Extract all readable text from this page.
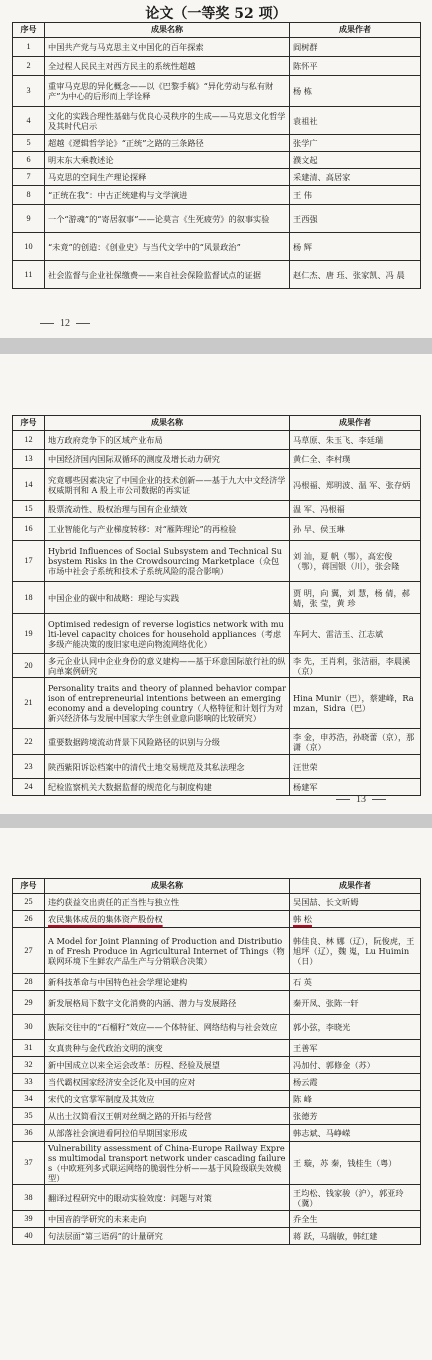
论文（一等奖 52 项）
序号	成果名称	成果作者
1	中国共产党与马克思主义中国化的百年探索	阎树群
2	全过程人民民主对西方民主的系统性超越	陈怀平
3	重审马克思的异化概念——以《巴黎手稿》“异化劳动与私有财产”为中心的后形而上学诠释	杨 栋
4	文化的实践合理性基础与优良心灵秩序的生成——马克思文化哲学及其时代启示	袁祖社
5	超越《逻辑哲学论》“正统”之路的三条路径	张学广
6	明末东大乘教述论	濮文起
7	马克思的空间生产理论探释	采建清、高居家
8	“正统在我”：中古正统建构与文学演进	王 伟
9	一个“游魂”的“寄居叙事”——论莫言《生死疲劳》的叙事实验	王西强
10	“未竟”的创造：《创业史》与当代文学中的“风景政治”	杨 辉
11	社会监督与企业社保缴费——来自社会保险监督试点的证据	赵仁杰、唐 珏、张家凯、冯 晨
12
序号	成果名称	成果作者
12	地方政府竞争下的区域产业布局	马草原、朱玉飞、李廷瑞
13	中国经济国内国际双循环的测度及增长动力研究	黄仁全、李村璞
14	究竟哪些因素决定了中国企业的技术创新——基于九大中文经济学权威期刊和 A 股上市公司数据的再实证	冯根福、郑明波、温 军、张存炳
15	股票流动性、股权治理与国有企业绩效	温 军、冯根福
16	工业智能化与产业梯度转移：对“雁阵理论”的再检验	孙 早、侯玉琳
17	Hybrid Influences of Social Subsystem and Technical Subsystem Risks in the Crowdsourcing Marketplace（众包市场中社会子系统和技术子系统风险的混合影响）	刘 汕，夏 帆（鄂），高宏俊（鄂），蒋国银（川），张会隆
18	中国企业的碳中和战略：理论与实践	贾 明，向 翼，刘 慧，杨 倩，郝 婧，张 莹，黄 珍
19	Optimised redesign of reverse logistics network with multi-level capacity choices for household appliances（考虑多级产能决策的废旧家电逆向物流网络优化）	车阿大、雷洁玉、江志斌
20	多元企业认同中企业身份的意义建构——基于环意国际旅行社的纵向单案例研究	李 先，王肖利，张洁丽，李晨溪（京）
21	Personality traits and theory of planned behavior comparison of entrepreneurial intentions between an emerging economy and a developing country（人格特征和计划行为对新兴经济体与发展中国家大学生创业意向影响的比较研究）	Hina Munir（巴），蔡建峰，Ramzan，Sidra（巴）
22	重要数据跨境流动背景下风险路径的识别与分级	李 金，申苏浩，孙晓蕾（京），那 潇（京）
23	陕西紫阳诉讼档案中的清代土地交易规范及其私法理念	汪世荣
24	纪检监察机关大数据监督的规范化与制度构建	杨建军
13
序号	成果名称	成果作者
25	违约获益交出责任的正当性与独立性	吴国喆、长文昕姆
26	农民集体成员的集体资产股份权	韩 松
27	A Model for Joint Planning of Production and Distribution of Fresh Produce in Agricultural Internet of Things（物联网环境下生鲜农产品生产与分销联合决策）	韩佳良、林 娜（辽），阮俊虎，王旭坪（辽），魏 嵬，Lu Huimin（日）
28	新科技革命与中国特色社会学理论建构	石 英
29	新发展格局下数字文化消费的内涵、潜力与发展路径	秦开凤、张陈一轩
30	族际交往中的“石榴籽”效应——个体特征、网络结构与社会效应	郭小弦，李晓光
31	女真贵种与金代政治文明的演变	王善军
32	新中国成立以来全运会改革：历程、经验及展望	冯加付、郭修金（苏）
33	当代霸权国家经济安全泛化及中国的应对	杨云霞
34	宋代的文官掌军制度及其效应	陈 峰
35	从出土汉简看汉王朝对丝绸之路的开拓与经营	张德芳
36	从部落社会演进看阿拉伯早期国家形成	韩志斌、马峥嵘
37	Vulnerability assessment of China-Europe Railway Express multimodal transport network under cascading failures（中欧班列多式联运网络的脆弱性分析——基于风险级联失效模型）	王 璇，苏 秦，钱桂生（粤）
38	翻译过程研究中的眼动实验效度：问题与对策	王均松、钱家骏（沪），郭亚玲（冀）
39	中国音韵学研究的未来走向	乔全生
40	句法层面“第三语码”的计量研究	蒋 跃，马瑞敏，韩红建
